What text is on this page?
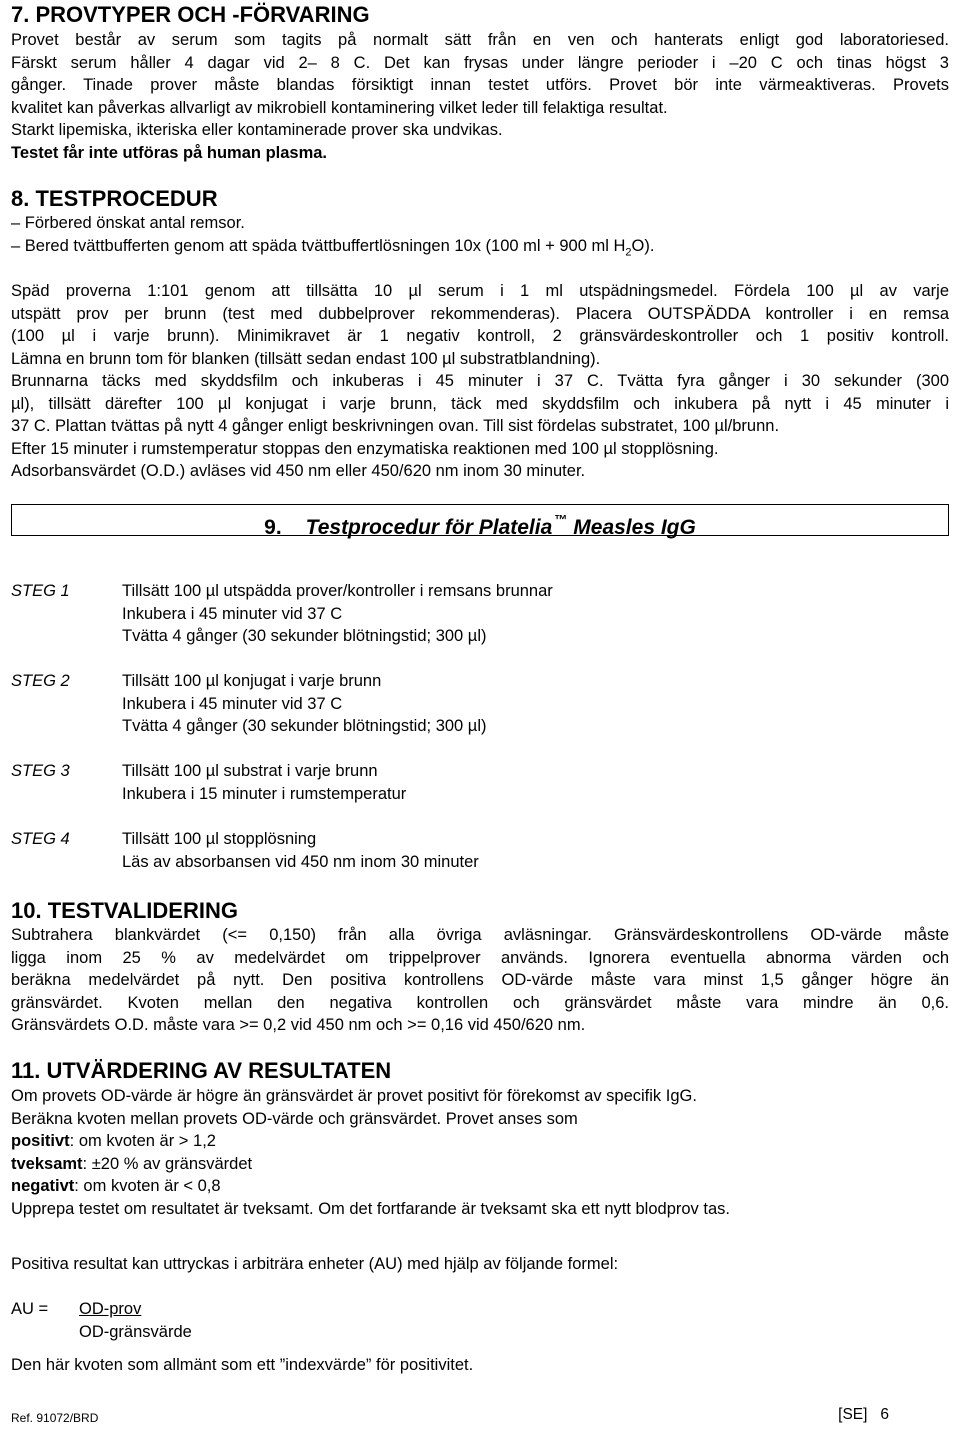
7. PROVTYPER OCH -FÖRVARING
Provet består av serum som tagits på normalt sätt från en ven och hanterats enligt god laboratoriesed.
Färskt serum håller 4 dagar vid 2– 8 C. Det kan frysas under längre perioder i –20 C och tinas högst 3
gånger. Tinade prover måste blandas försiktigt innan testet utförs. Provet bör inte värmeaktiveras. Provets
kvalitet kan påverkas allvarligt av mikrobiell kontaminering vilket leder till felaktiga resultat.
Starkt lipemiska, ikteriska eller kontaminerade prover ska undvikas.
Testet får inte utföras på human plasma.
8. TESTPROCEDUR
– Förbered önskat antal remsor.
– Bered tvättbufferten genom att späda tvättbuffertlösningen 10x (100 ml + 900 ml $H_2O$).
Späd proverna 1:101 genom att tillsätta 10 µl serum i 1 ml utspädningsmedel. Fördela 100 µl av varje
utspätt prov per brunn (test med dubbelprover rekommenderas). Placera OUTSPÄDDA kontroller i en remsa
(100 µl i varje brunn). Minimikravet är 1 negativ kontroll, 2 gränsvärdeskontroller och 1 positiv kontroll.
Lämna en brunn tom för blanken (tillsätt sedan endast 100 µl substratblandning).
Brunnarna täcks med skyddsfilm och inkuberas i 45 minuter i 37 C. Tvätta fyra gånger i 30 sekunder (300
µl), tillsätt därefter 100 µl konjugat i varje brunn, täck med skyddsfilm och inkubera på nytt i 45 minuter i
37 C. Plattan tvättas på nytt 4 gånger enligt beskrivningen ovan. Till sist fördelas substratet, 100 µl/brunn.
Efter 15 minuter i rumstemperatur stoppas den enzymatiska reaktionen med 100 µl stopplösning.
Adsorbansvärdet (O.D.) avläses vid 450 nm eller 450/620 nm inom 30 minuter.
9. Testprocedur för Platelia ™ Measles IgG
STEG 1	Tillsätt 100 µl utspädda prover/kontroller i remsans brunnar
Inkubera i 45 minuter vid 37 C
Tvätta 4 gånger (30 sekunder blötningstid; 300 µl)
STEG 2	Tillsätt 100 µl konjugat i varje brunn
Inkubera i 45 minuter vid 37 C
Tvätta 4 gånger (30 sekunder blötningstid; 300 µl)
STEG 3	Tillsätt 100 µl substrat i varje brunn
Inkubera i 15 minuter i rumstemperatur
STEG 4	Tillsätt 100 µl stopplösning
Läs av absorbansen vid 450 nm inom 30 minuter
10. TESTVALIDERING
Subtrahera blankvärdet (<= 0,150) från alla övriga avläsningar. Gränsvärdeskontrollens OD-värde måste
ligga inom 25 % av medelvärdet om trippelprover används. Ignorera eventuella abnorma värden och
beräkna medelvärdet på nytt. Den positiva kontrollens OD-värde måste vara minst 1,5 gånger högre än
gränsvärdet. Kvoten mellan den negativa kontrollen och gränsvärdet måste vara mindre än 0,6.
Gränsvärdets O.D. måste vara >= 0,2 vid 450 nm och >= 0,16 vid 450/620 nm.
11. UTVÄRDERING AV RESULTATEN
Om provets OD-värde är högre än gränsvärdet är provet positivt för förekomst av specifik IgG.
Beräkna kvoten mellan provets OD-värde och gränsvärdet. Provet anses som
positivt: om kvoten är > 1,2
tveksamt: ±20 % av gränsvärdet
negativt: om kvoten är < 0,8
Upprepa testet om resultatet är tveksamt. Om det fortfarande är tveksamt ska ett nytt blodprov tas.
Positiva resultat kan uttryckas i arbiträra enheter (AU) med hjälp av följande formel:
AU = $\frac{\text{OD-prov}}{\text{OD-gränsvärde}}$
Den här kvoten som allmänt som ett ”indexvärde” för positivitet.
Ref. 91072/BRD	[SE] 6
